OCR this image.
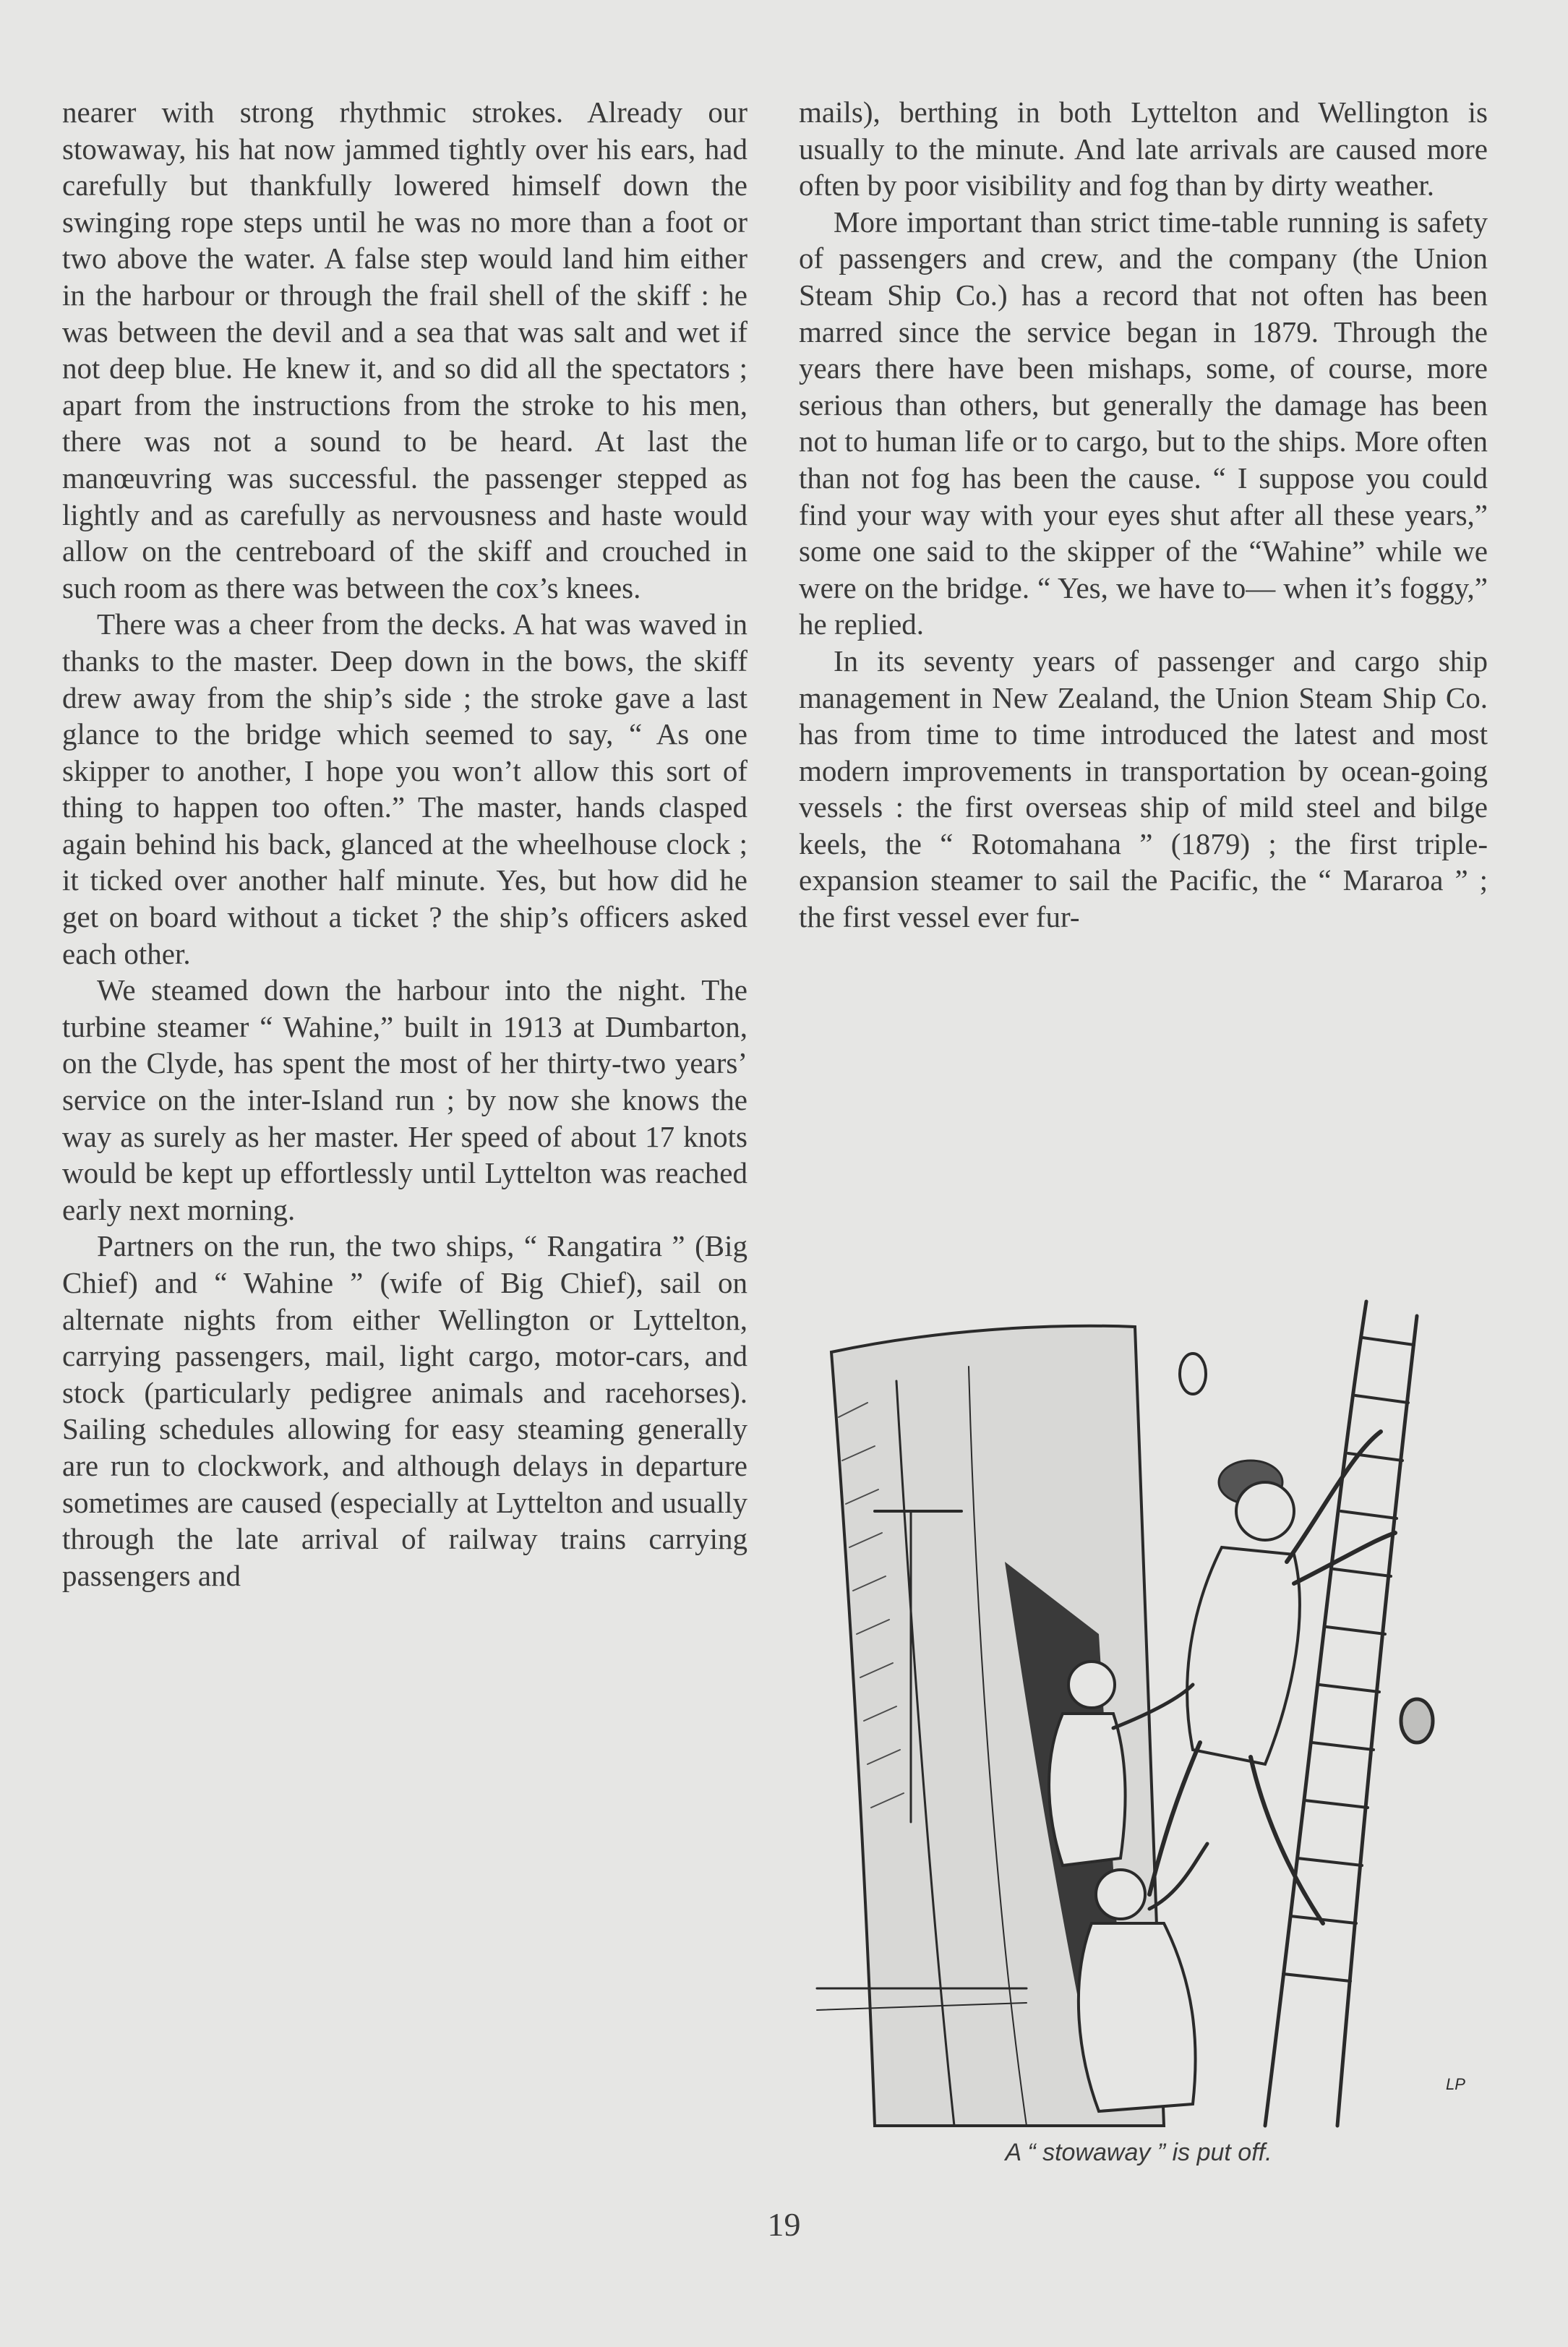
nearer with strong rhythmic strokes. Already our stowaway, his hat now jammed tightly over his ears, had carefully but thankfully lowered himself down the swinging rope steps until he was no more than a foot or two above the water. A false step would land him either in the harbour or through the frail shell of the skiff : he was between the devil and a sea that was salt and wet if not deep blue. He knew it, and so did all the spectators ; apart from the instructions from the stroke to his men, there was not a sound to be heard. At last the manœuvring was successful. the passenger stepped as lightly and as carefully as nervousness and haste would allow on the centreboard of the skiff and crouched in such room as there was between the cox’s knees.

There was a cheer from the decks. A hat was waved in thanks to the master. Deep down in the bows, the skiff drew away from the ship’s side ; the stroke gave a last glance to the bridge which seemed to say, “ As one skipper to another, I hope you won’t allow this sort of thing to happen too often.” The master, hands clasped again behind his back, glanced at the wheelhouse clock ; it ticked over another half minute. Yes, but how did he get on board without a ticket ? the ship’s officers asked each other.

We steamed down the harbour into the night. The turbine steamer “ Wahine,” built in 1913 at Dumbarton, on the Clyde, has spent the most of her thirty-two years’ service on the inter-Island run ; by now she knows the way as surely as her master. Her speed of about 17 knots would be kept up effortlessly until Lyttelton was reached early next morning.

Partners on the run, the two ships, “ Rangatira ” (Big Chief) and “ Wahine ” (wife of Big Chief), sail on alternate nights from either Wellington or Lyttelton, carrying passengers, mail, light cargo, motor-cars, and stock (particularly pedigree animals and racehorses). Sailing schedules allowing for easy steaming generally are run to clockwork, and although delays in departure sometimes are caused (especially at Lyttelton and usually through the late arrival of railway trains carrying passengers and

mails), berthing in both Lyttelton and Wellington is usually to the minute. And late arrivals are caused more often by poor visibility and fog than by dirty weather.

More important than strict time-table running is safety of passengers and crew, and the company (the Union Steam Ship Co.) has a record that not often has been marred since the service began in 1879. Through the years there have been mishaps, some, of course, more serious than others, but generally the damage has been not to human life or to cargo, but to the ships. More often than not fog has been the cause. “ I suppose you could find your way with your eyes shut after all these years,” some one said to the skipper of the “Wahine” while we were on the bridge. “ Yes, we have to— when it’s foggy,” he replied.

In its seventy years of passenger and cargo ship management in New Zealand, the Union Steam Ship Co. has from time to time introduced the latest and most modern improvements in transportation by ocean-going vessels : the first overseas ship of mild steel and bilge keels, the “ Rotomahana ” (1879) ; the first triple-expansion steamer to sail the Pacific, the “ Mararoa ” ; the first vessel ever fur-

LP
A “ stowaway ” is put off.
19
